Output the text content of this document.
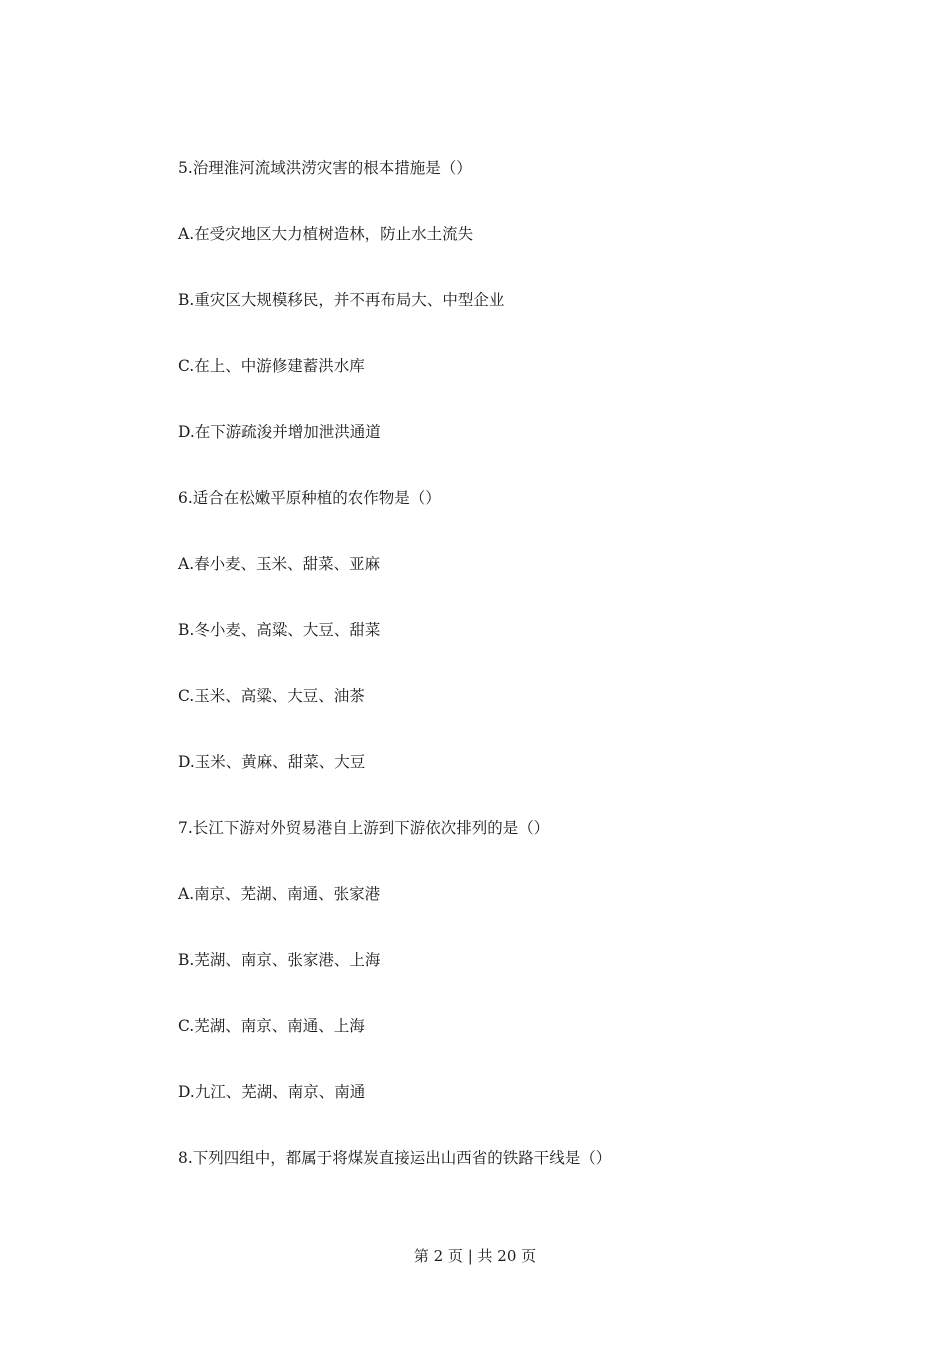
5.治理淮河流域洪涝灾害的根本措施是（）
A.在受灾地区大力植树造林，防止水土流失
B.重灾区大规模移民，并不再布局大、中型企业
C.在上、中游修建蓄洪水库
D.在下游疏浚并增加泄洪通道
6.适合在松嫩平原种植的农作物是（）
A.春小麦、玉米、甜菜、亚麻
B.冬小麦、高粱、大豆、甜菜
C.玉米、高粱、大豆、油茶
D.玉米、黄麻、甜菜、大豆
7.长江下游对外贸易港自上游到下游依次排列的是（）
A.南京、芜湖、南通、张家港
B.芜湖、南京、张家港、上海
C.芜湖、南京、南通、上海
D.九江、芜湖、南京、南通
8.下列四组中，都属于将煤炭直接运出山西省的铁路干线是（）
第 2 页 | 共 20 页
